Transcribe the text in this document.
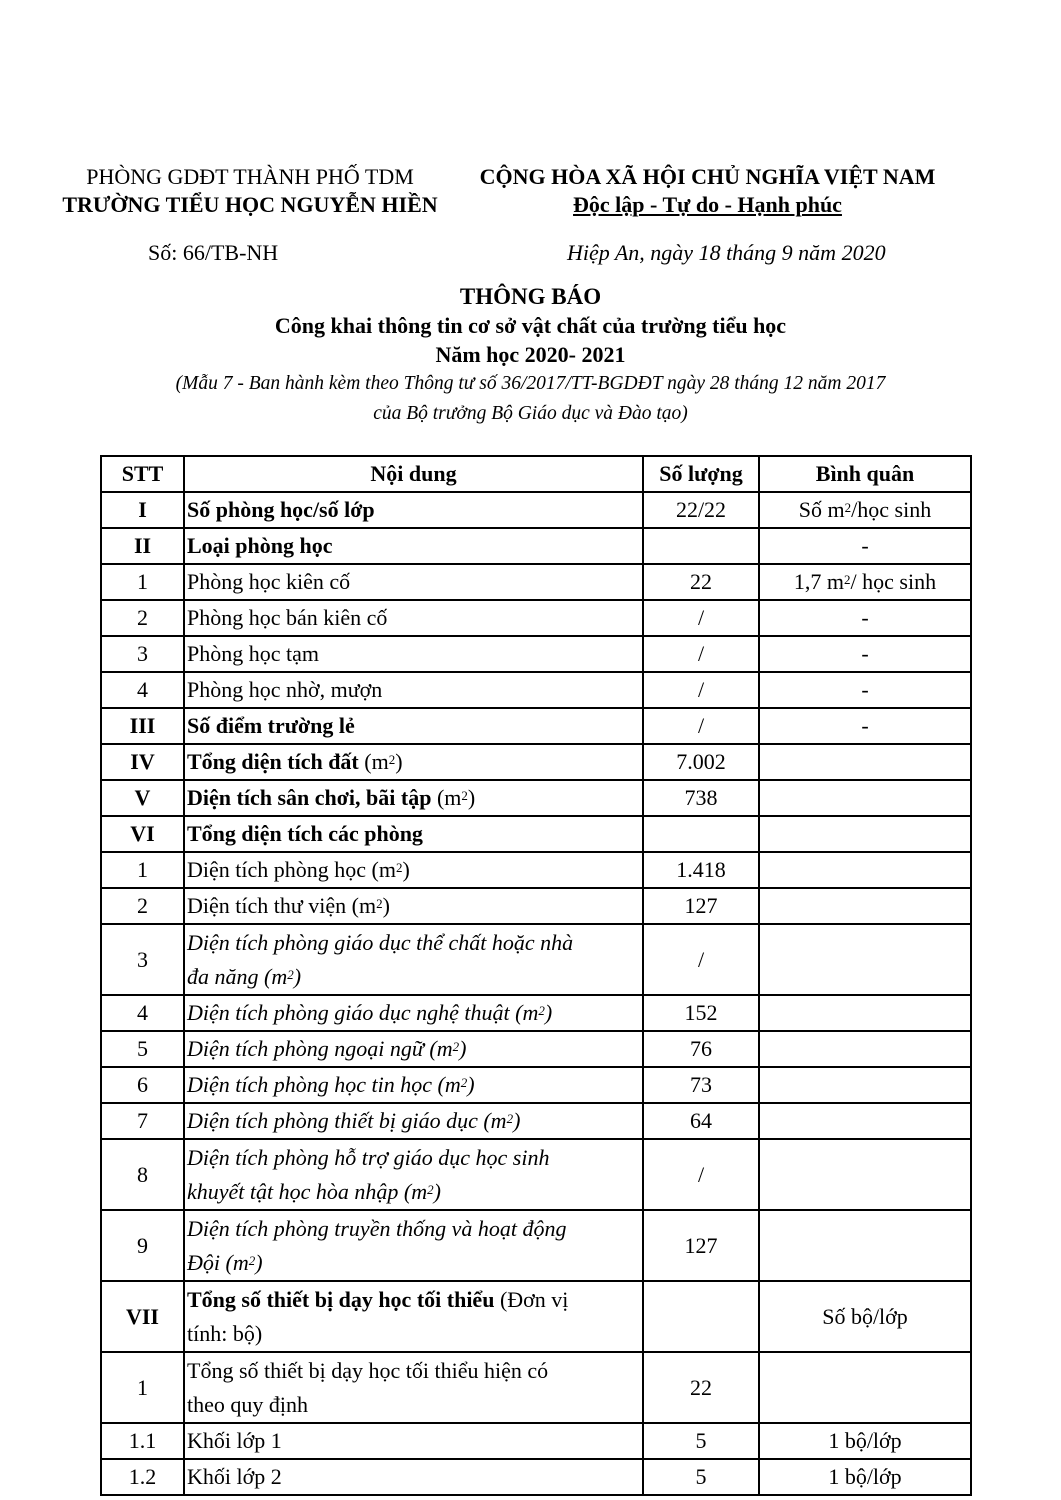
PHÒNG GDĐT THÀNH PHỐ TDM
TRƯỜNG TIỂU HỌC NGUYỄN HIỀN
CỘNG HÒA XÃ HỘI CHỦ NGHĨA VIỆT NAM
Độc lập - Tự do - Hạnh phúc
Số: 66/TB-NH	Hiệp An, ngày 18 tháng 9 năm 2020
THÔNG BÁO
Công khai thông tin cơ sở vật chất của trường tiểu học
Năm học 2020- 2021
(Mẫu 7 - Ban hành kèm theo Thông tư số 36/2017/TT-BGDĐT ngày 28 tháng 12 năm 2017
của Bộ trưởng Bộ Giáo dục và Đào tạo)
STT	Nội dung	Số lượng	Bình quân
I	Số phòng học/số lớp	22/22	Số $m^2$/học sinh
II	Loại phòng học		-
1	Phòng học kiên cố	22	1,7 $m^2/$ học sinh
2	Phòng học bán kiên cố	/	-
3	Phòng học tạm	/	-
4	Phòng học nhờ, mượn	/	-
III	Số điểm trường lẻ	/	-
IV	Tổng diện tích đất $(m^2)$	7.002	
V	Diện tích sân chơi, bãi tập $(m^2)$	738	
VI	Tổng diện tích các phòng		
1	Diện tích phòng học $(m^2)$	1.418	
2	Diện tích thư viện $(m^2)$	127	
3	Diện tích phòng giáo dục thể chất hoặc nhà
đa năng $(m^2)$	/	
4	Diện tích phòng giáo dục nghệ thuật $(m^2)$	152	
5	Diện tích phòng ngoại ngữ $(m^2)$	76	
6	Diện tích phòng học tin học $(m^2)$	73	
7	Diện tích phòng thiết bị giáo dục $(m^2)$	64	
8	Diện tích phòng hỗ trợ giáo dục học sinh
khuyết tật học hòa nhập $(m^2)$	/	
9	Diện tích phòng truyền thống và hoạt động
Đội $(m^2)$	127	
VII	Tổng số thiết bị dạy học tối thiểu (Đơn vị
tính: bộ)		Số bộ/lớp
1	Tổng số thiết bị dạy học tối thiểu hiện có
theo quy định	22	
1.1	Khối lớp 1	5	1 bộ/lớp
1.2	Khối lớp 2	5	1 bộ/lớp
